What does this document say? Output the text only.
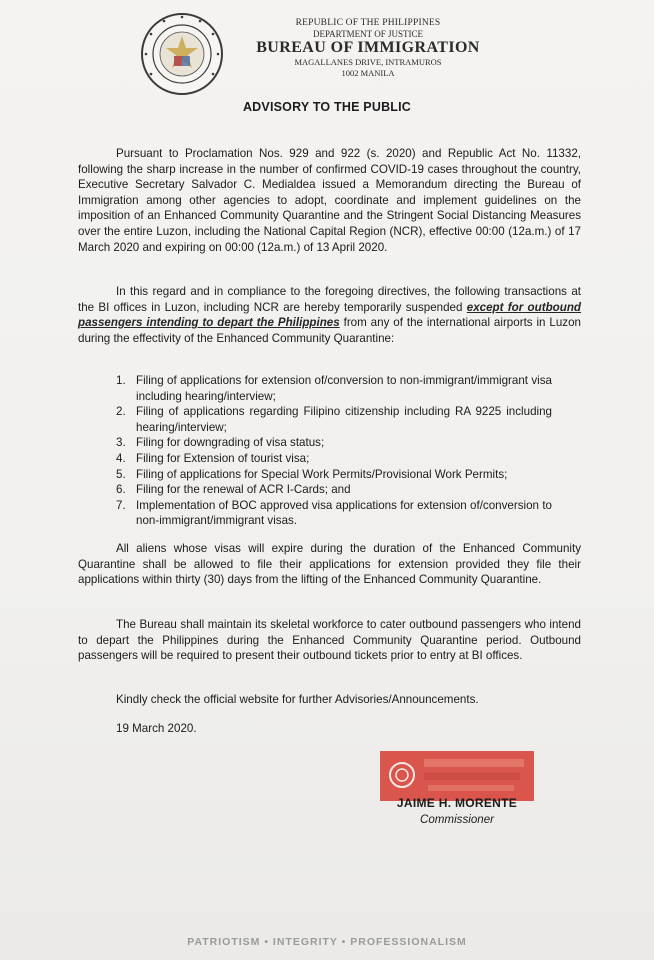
REPUBLIC OF THE PHILIPPINES
DEPARTMENT OF JUSTICE
BUREAU OF IMMIGRATION
MAGALLANES DRIVE, INTRAMUROS
1002 MANILA
ADVISORY TO THE PUBLIC
Pursuant to Proclamation Nos. 929 and 922 (s. 2020) and Republic Act No. 11332, following the sharp increase in the number of confirmed COVID-19 cases throughout the country, Executive Secretary Salvador C. Medialdea issued a Memorandum directing the Bureau of Immigration among other agencies to adopt, coordinate and implement guidelines on the imposition of an Enhanced Community Quarantine and the Stringent Social Distancing Measures over the entire Luzon, including the National Capital Region (NCR), effective 00:00 (12a.m.) of 17 March 2020 and expiring on 00:00 (12a.m.) of 13 April 2020.
In this regard and in compliance to the foregoing directives, the following transactions at the BI offices in Luzon, including NCR are hereby temporarily suspended except for outbound passengers intending to depart the Philippines from any of the international airports in Luzon during the effectivity of the Enhanced Community Quarantine:
1. Filing of applications for extension of/conversion to non-immigrant/immigrant visa including hearing/interview;
2. Filing of applications regarding Filipino citizenship including RA 9225 including hearing/interview;
3. Filing for downgrading of visa status;
4. Filing for Extension of tourist visa;
5. Filing of applications for Special Work Permits/Provisional Work Permits;
6. Filing for the renewal of ACR I-Cards; and
7. Implementation of BOC approved visa applications for extension of/conversion to non-immigrant/immigrant visas.
All aliens whose visas will expire during the duration of the Enhanced Community Quarantine shall be allowed to file their applications for extension provided they file their applications within thirty (30) days from the lifting of the Enhanced Community Quarantine.
The Bureau shall maintain its skeletal workforce to cater outbound passengers who intend to depart the Philippines during the Enhanced Community Quarantine period. Outbound passengers will be required to present their outbound tickets prior to entry at BI offices.
Kindly check the official website for further Advisories/Announcements.
19 March 2020.
JAIME H. MORENTE
Commissioner
PATRIOTISM • INTEGRITY • PROFESSIONALISM
